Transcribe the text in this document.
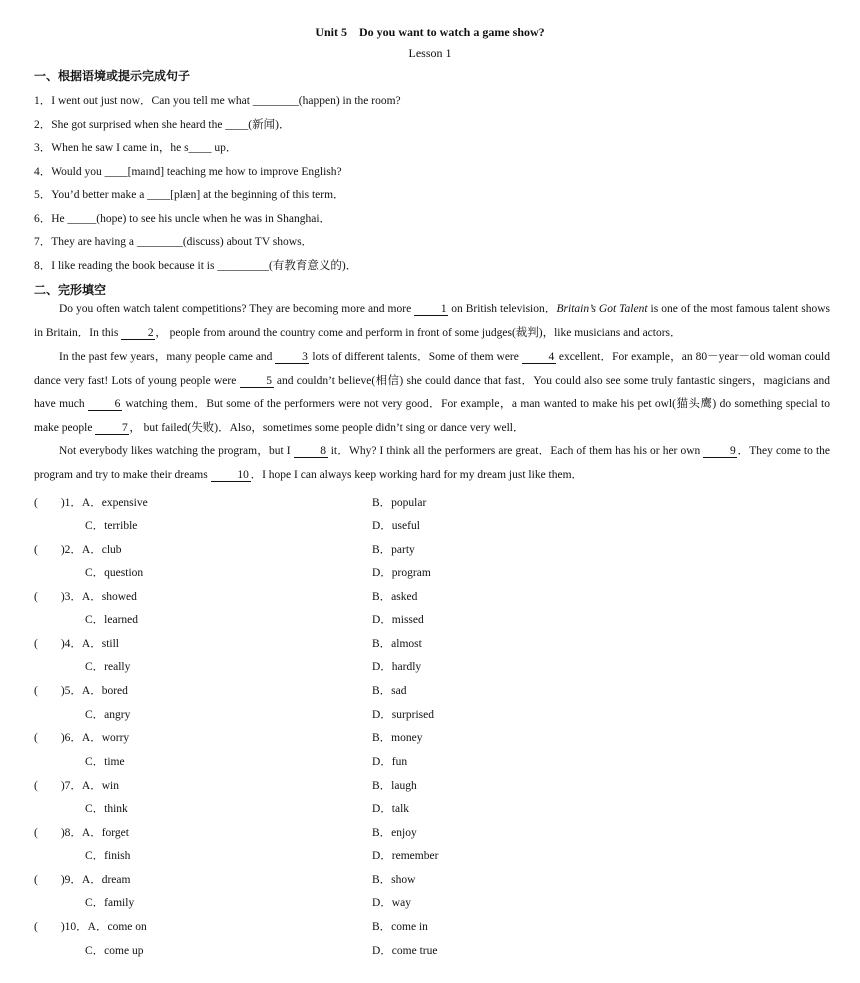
Unit 5　Do you want to watch a game show?
Lesson 1
一、根据语境或提示完成句子
1．I went out just now．Can you tell me what ________(happen) in the room?
2．She got surprised when she heard the ____(新闻)．
3．When he saw I came in，he s____ up．
4．Would you ____[maɪnd] teaching me how to improve English?
5．You’d better make a ____[plæn] at the beginning of this term．
6．He _____(hope) to see his uncle when he was in Shanghai．
7．They are having a ________(discuss) about TV shows．
8．I like reading the book because it is _________(有教育意义的)．
二、完形填空
Do you often watch talent competitions? They are becoming more and more 1 on British television．Britain’s Got Talent is one of the most famous talent shows in Britain．In this 2 ， people from around the country come and perform in front of some judges(裁判)，like musicians and actors．
In the past few years，many people came and 3 lots of different talents．Some of them were 4 excellent．For example，an 80－year－old woman could dance very fast! Lots of young people were 5 and couldn’t believe(相信) she could dance that fast．You could also see some truly fantastic singers，magicians and have much 6 watching them．But some of the performers were not very good．For example，a man wanted to make his pet owl(猫头鹰) do something special to make people 7 ， but failed(失败)．Also，sometimes some people didn’t sing or dance very well．
Not everybody likes watching the program，but I 8 it．Why? I think all the performers are great．Each of them has his or her own 9 ．They come to the program and try to make their dreams 10 ．I hope I can always keep working hard for my dream just like them．
(　　)1．A．expensive	B．popular
C．terrible	D．useful
(　　)2．A．club	B．party
C．question	D．program
(　　)3．A．showed	B．asked
C．learned	D．missed
(　　)4．A．still	B．almost
C．really	D．hardly
(　　)5．A．bored	B．sad
C．angry	D．surprised
(　　)6．A．worry	B．money
C．time	D．fun
(　　)7．A．win	B．laugh
C．think	D．talk
(　　)8．A．forget	B．enjoy
C．finish	D．remember
(　　)9．A．dream	B．show
C．family	D．way
(　　)10．A．come on	B．come in
C．come up	D．come true
